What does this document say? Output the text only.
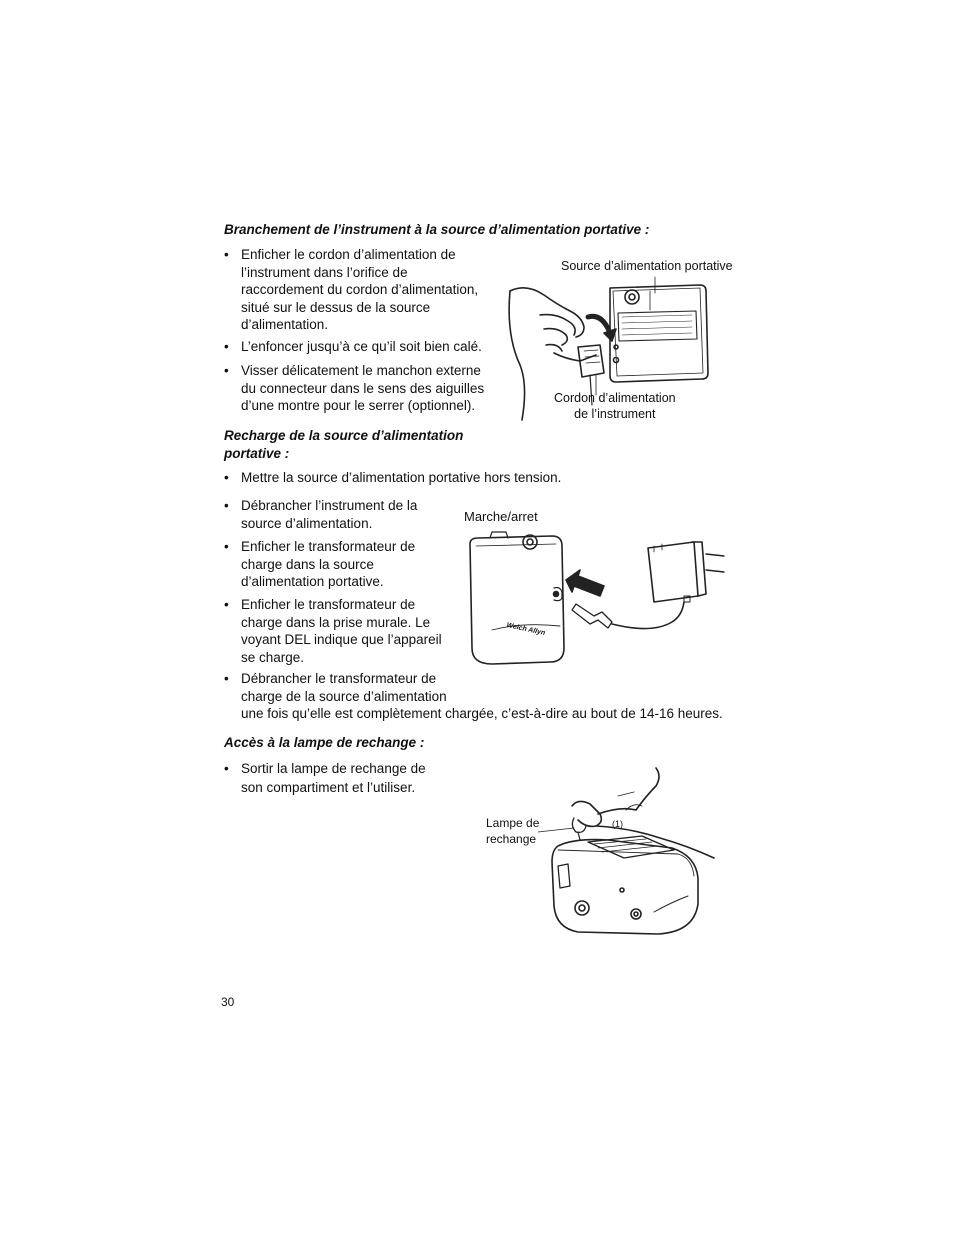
Branchement de l’instrument à la source d’alimentation portative :
• Enficher le cordon d’alimentation de
l’instrument dans l’orifice de
raccordement du cordon d’alimentation,
situé sur le dessus de la source
d’alimentation.
• L’enfoncer jusqu’à ce qu’il soit bien calé.
• Visser délicatement le manchon externe
du connecteur dans le sens des aiguilles
d’une montre pour le serrer (optionnel).
Source d’alimentation portative
Cordon d’alimentation
de l’instrument
Recharge de la source d’alimentation
portative :
• Mettre la source d’alimentation portative hors tension.
• Débrancher l’instrument de la
source d’alimentation.
• Enficher le transformateur de
charge dans la source
d’alimentation portative.
• Enficher le transformateur de
charge dans la prise murale. Le
voyant DEL indique que l’appareil
se charge.
• Débrancher le transformateur de
charge de la source d’alimentation
une fois qu’elle est complètement chargée, c’est-à-dire au bout de 14-16 heures.
Marche/arret
Welch Allyn
Accès à la lampe de rechange :
• Sortir la lampe de rechange de
son compartiment et l’utiliser.
Lampe de
rechange
(1)
30
